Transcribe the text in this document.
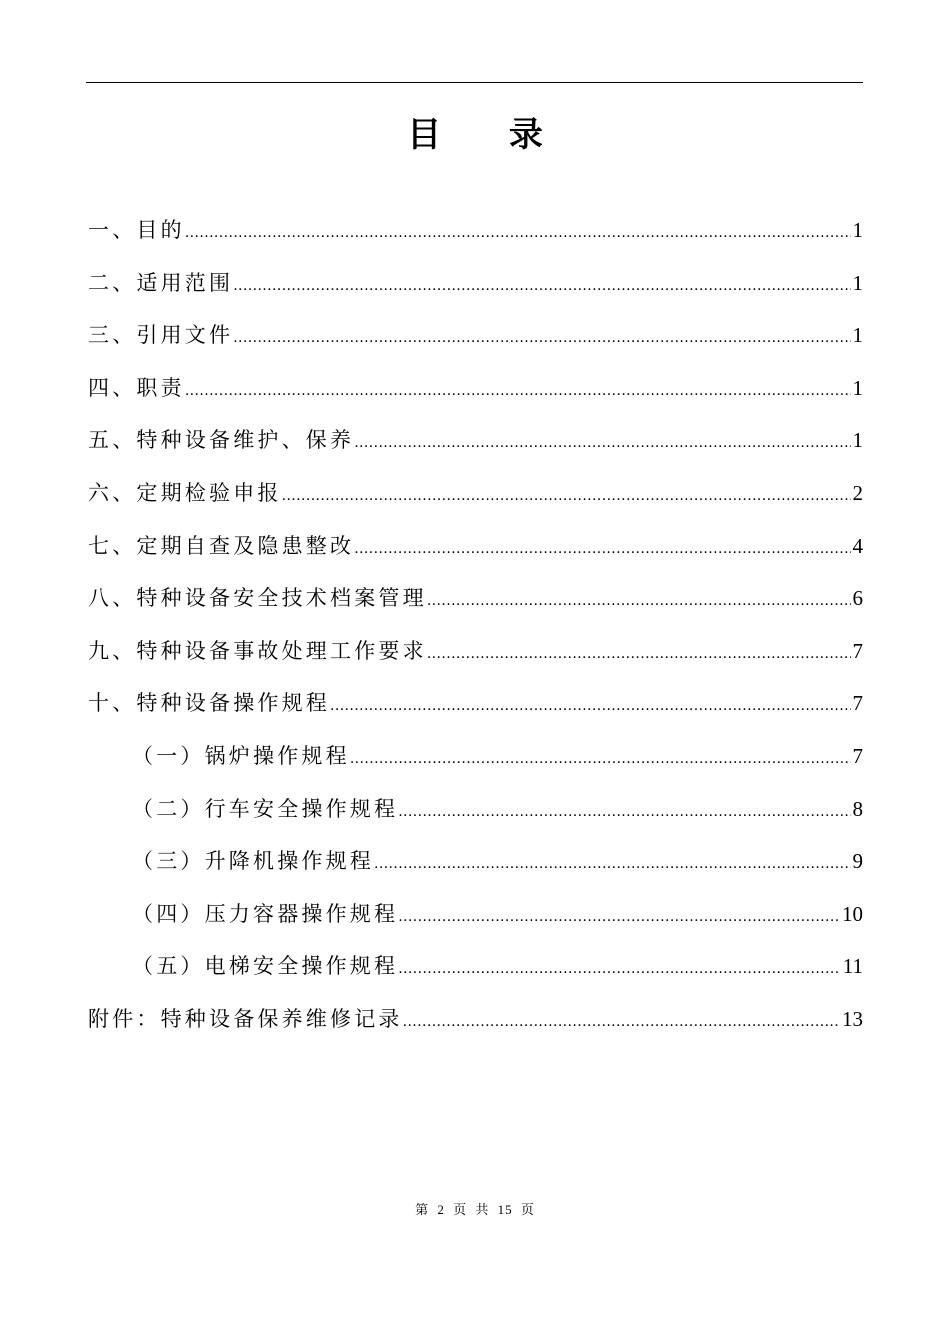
目 录
一、目的 .....	1
二、适用范围 .....	1
三、引用文件 .....	1
四、职责 .....	1
五、特种设备维护、保养 .....	1
六、定期检验申报 .....	2
七、定期自查及隐患整改 .....	4
八、特种设备安全技术档案管理 .....	6
九、特种设备事故处理工作要求 .....	7
十、特种设备操作规程 .....	7
（一）锅炉操作规程 .....	7
（二）行车安全操作规程 .....	8
（三）升降机操作规程 .....	9
（四）压力容器操作规程 .....	10
（五）电梯安全操作规程 .....	11
附件：特种设备保养维修记录 .....	13
第 2 页 共 15 页
